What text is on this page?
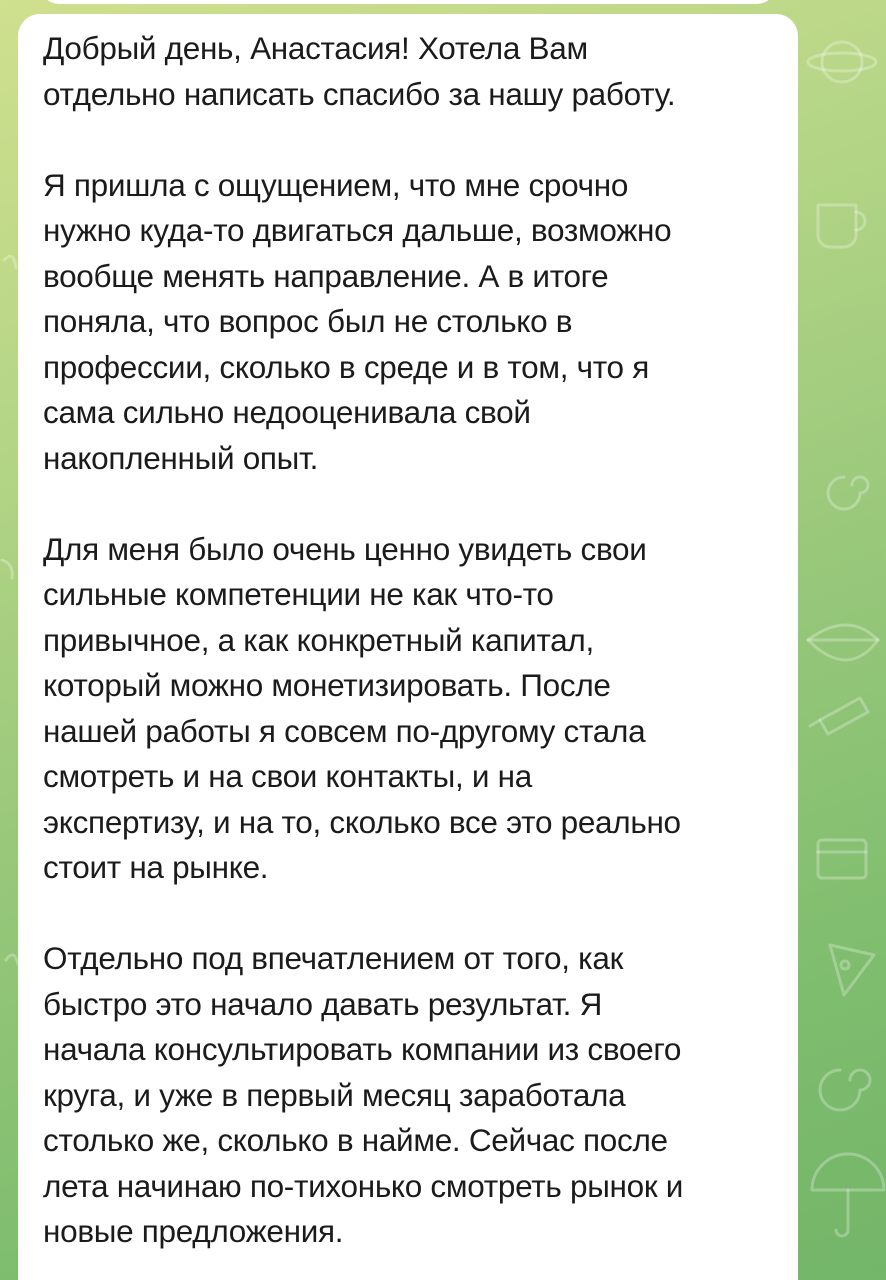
Добрый день, Анастасия! Хотела Вам
отдельно написать спасибо за нашу работу.

Я пришла с ощущением, что мне срочно
нужно куда-то двигаться дальше, возможно
вообще менять направление. А в итоге
поняла, что вопрос был не столько в
профессии, сколько в среде и в том, что я
сама сильно недооценивала свой
накопленный опыт.

Для меня было очень ценно увидеть свои
сильные компетенции не как что-то
привычное, а как конкретный капитал,
который можно монетизировать. После
нашей работы я совсем по-другому стала
смотреть и на свои контакты, и на
экспертизу, и на то, сколько все это реально
стоит на рынке.

Отдельно под впечатлением от того, как
быстро это начало давать результат. Я
начала консультировать компании из своего
круга, и уже в первый месяц заработала
столько же, сколько в найме. Сейчас после
лета начинаю по-тихонько смотреть рынок и
новые предложения.
